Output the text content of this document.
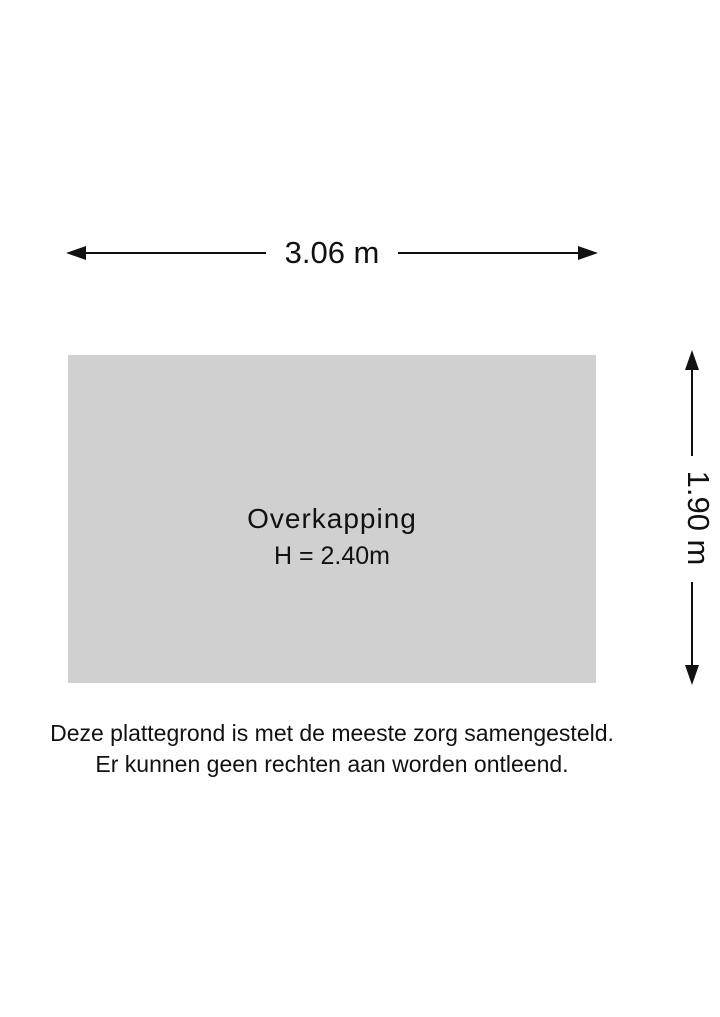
3.06 m
1.90 m
Overkapping
H = 2.40m
Deze plattegrond is met de meeste zorg samengesteld.
Er kunnen geen rechten aan worden ontleend.
